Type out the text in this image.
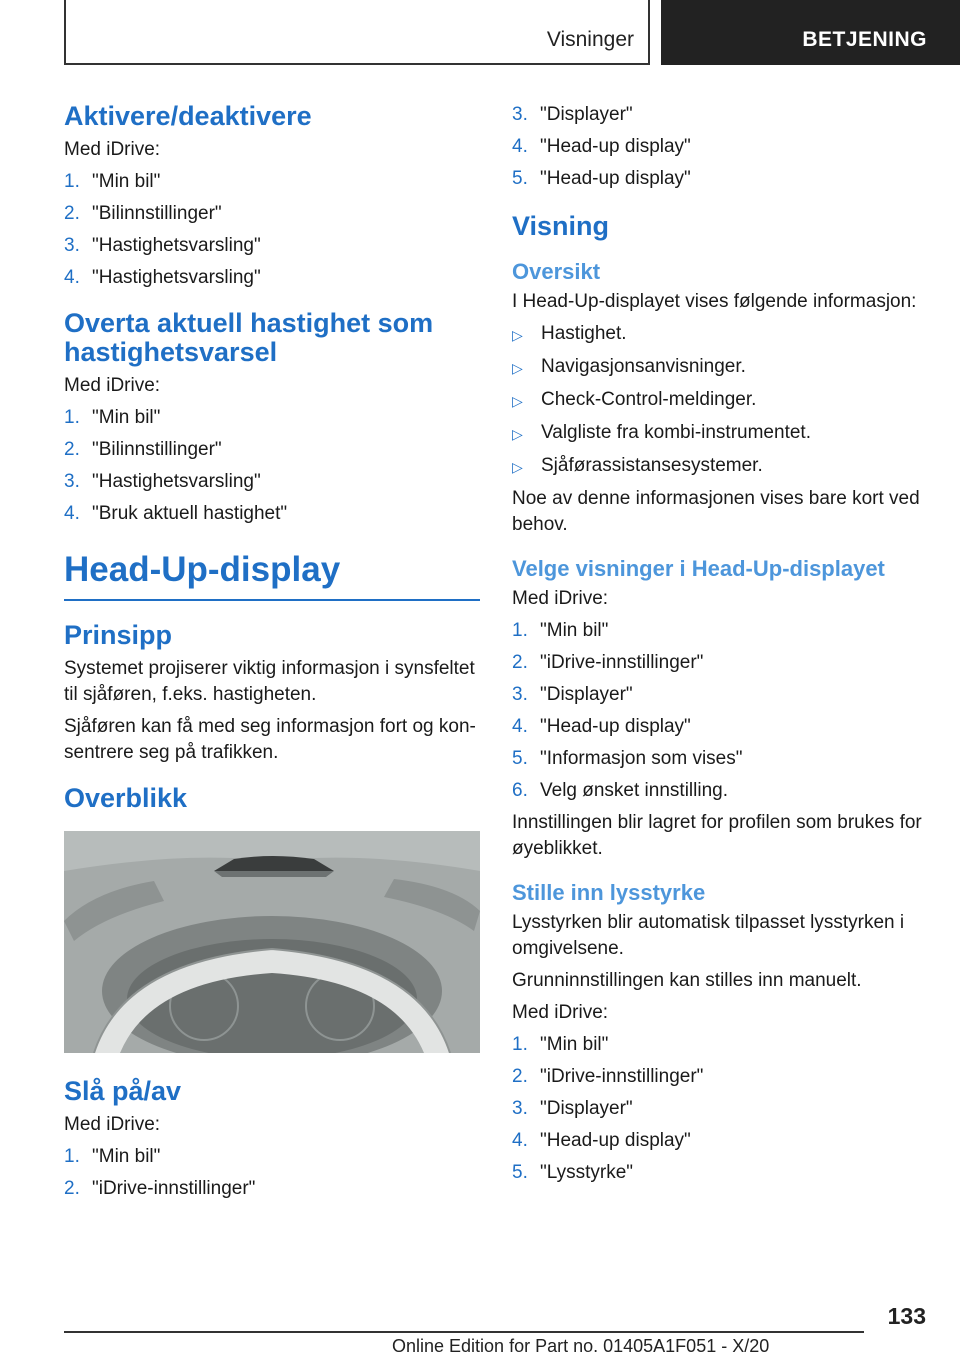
Visninger	BETJENING
Aktivere/deaktivere

Med iDrive:

1. "Min bil"
2. "Bilinnstillinger"
3. "Hastighetsvarsling"
4. "Hastighetsvarsling"
Overta aktuell hastighet som
hastighetsvarsel

Med iDrive:

1. "Min bil"
2. "Bilinnstillinger"
3. "Hastighetsvarsling"
4. "Bruk aktuell hastighet"
Head-Up-display
Prinsipp

Systemet projiserer viktig informasjon i synsfeltet
til sjåføren, f.eks. hastigheten.

Sjåføren kan få med seg informasjon fort og kon-
sentrere seg på trafikken.

Overblikk
Slå på/av

Med iDrive:

1. "Min bil"
2. "iDrive-innstillinger"
3. "Displayer"
4. "Head-up display"
5. "Head-up display"
Visning
Oversikt

I Head-Up-displayet vises følgende informasjon:

▷ Hastighet.
▷ Navigasjonsanvisninger.
▷ Check-Control-meldinger.
▷ Valgliste fra kombi-instrumentet.
▷ Sjåførassistansesystemer.

Noe av denne informasjonen vises bare kort ved
behov.

Velge visninger i Head-Up-displayet

Med iDrive:

1. "Min bil"
2. "iDrive-innstillinger"
3. "Displayer"
4. "Head-up display"
5. "Informasjon som vises"
6. Velg ønsket innstilling.

Innstillingen blir lagret for profilen som brukes for
øyeblikket.

Stille inn lysstyrke

Lysstyrken blir automatisk tilpasset lysstyrken i
omgivelsene.

Grunninnstillingen kan stilles inn manuelt.

Med iDrive:

1. "Min bil"
2. "iDrive-innstillinger"
3. "Displayer"
4. "Head-up display"
5. "Lysstyrke"
133
Online Edition for Part no. 01405A1F051 - X/20
